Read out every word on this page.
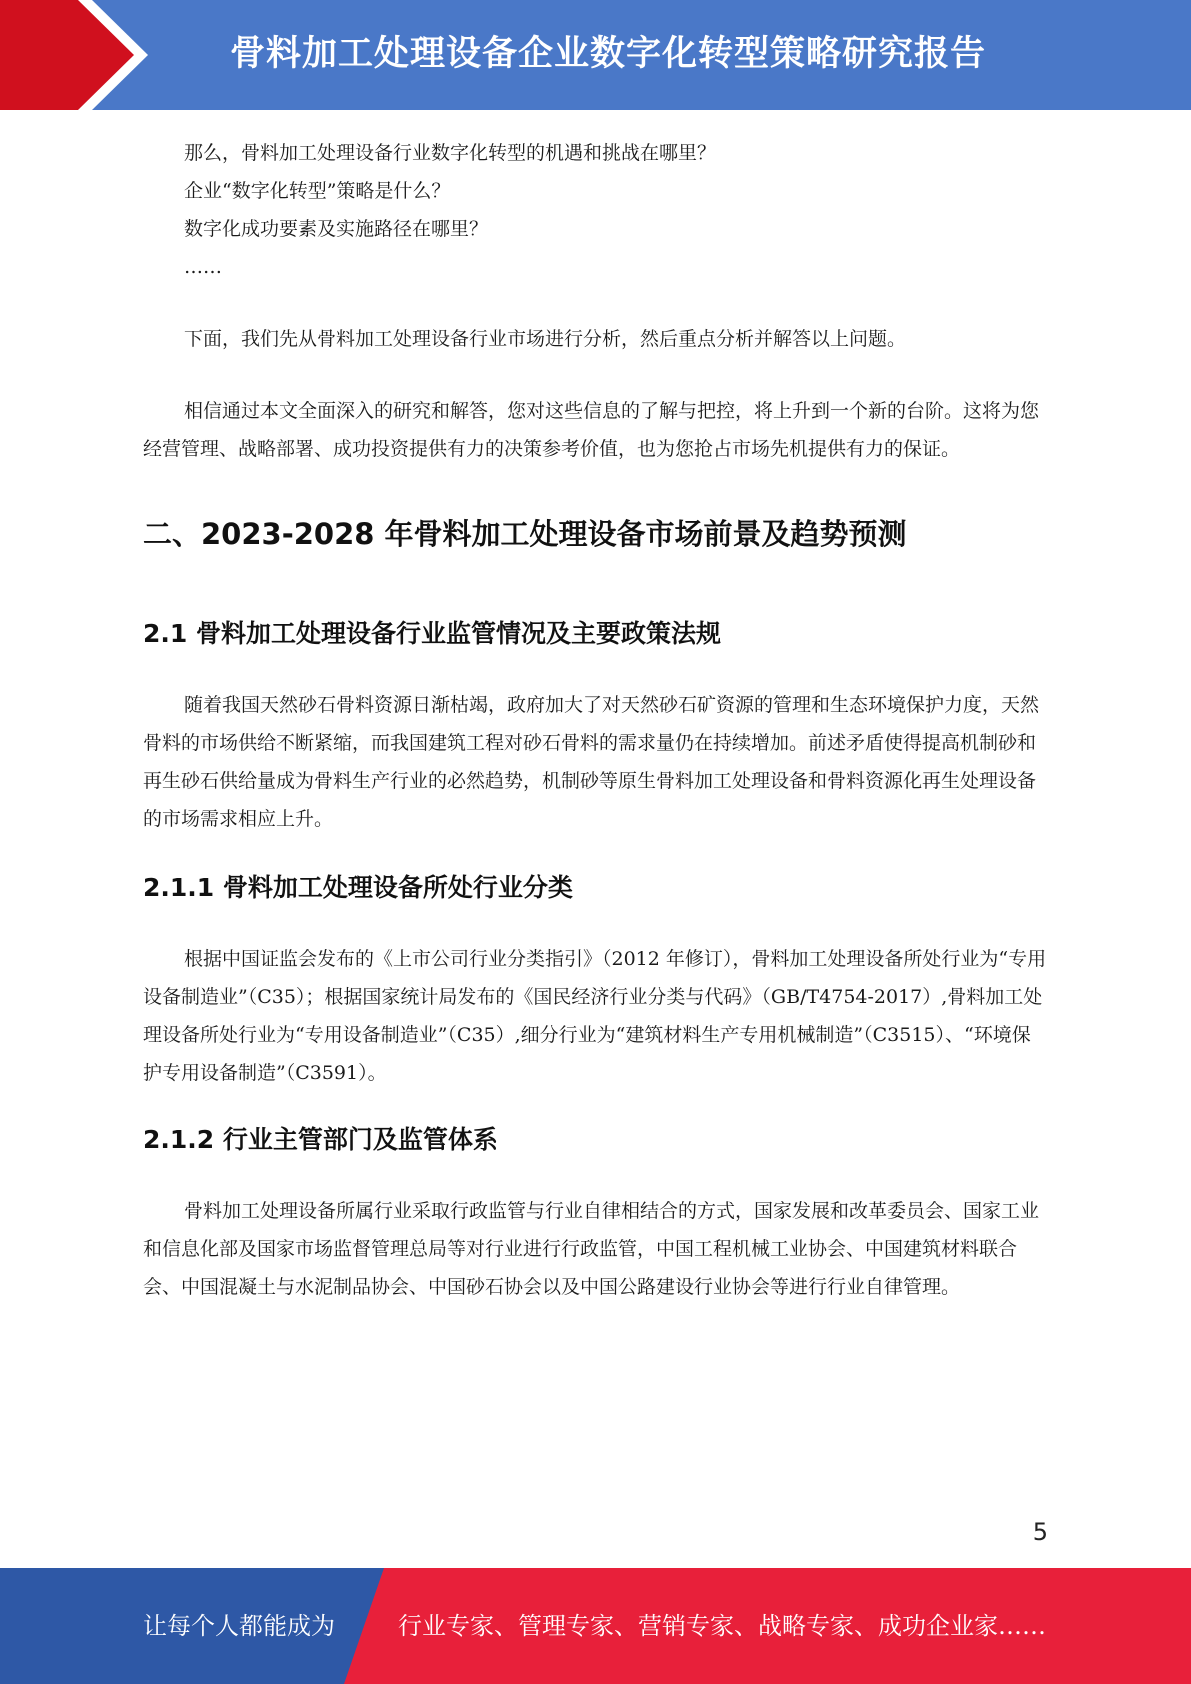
骨料加工处理设备企业数字化转型策略研究报告

那么，骨料加工处理设备行业数字化转型的机遇和挑战在哪里？

企业“数字化转型”策略是什么？

数字化成功要素及实施路径在哪里？

……

下面，我们先从骨料加工处理设备行业市场进行分析，然后重点分析并解答以上问题。

相信通过本文全面深入的研究和解答，您对这些信息的了解与把控，将上升到一个新的台阶。这将为您经营管理、战略部署、成功投资提供有力的决策参考价值，也为您抢占市场先机提供有力的保证。

二、2023-2028 年骨料加工处理设备市场前景及趋势预测
2.1 骨料加工处理设备行业监管情况及主要政策法规

随着我国天然砂石骨料资源日渐枯竭，政府加大了对天然砂石矿资源的管理和生态环境保护力度，天然骨料的市场供给不断紧缩，而我国建筑工程对砂石骨料的需求量仍在持续增加。前述矛盾使得提高机制砂和再生砂石供给量成为骨料生产行业的必然趋势，机制砂等原生骨料加工处理设备和骨料资源化再生处理设备的市场需求相应上升。

2.1.1 骨料加工处理设备所处行业分类

根据中国证监会发布的《上市公司行业分类指引》（2012 年修订），骨料加工处理设备所处行业为“专用设备制造业”（C35）；根据国家统计局发布的《国民经济行业分类与代码》（GB/T4754-2017）,骨料加工处理设备所处行业为“专用设备制造业”（C35）,细分行业为“建筑材料生产专用机械制造”（C3515）、“环境保护专用设备制造”（C3591）。

2.1.2 行业主管部门及监管体系

骨料加工处理设备所属行业采取行政监管与行业自律相结合的方式，国家发展和改革委员会、国家工业和信息化部及国家市场监督管理总局等对行业进行行政监管，中国工程机械工业协会、中国建筑材料联合会、中国混凝土与水泥制品协会、中国砂石协会以及中国公路建设行业协会等进行行业自律管理。

5
让每个人都能成为	行业专家、管理专家、营销专家、战略专家、成功企业家……
